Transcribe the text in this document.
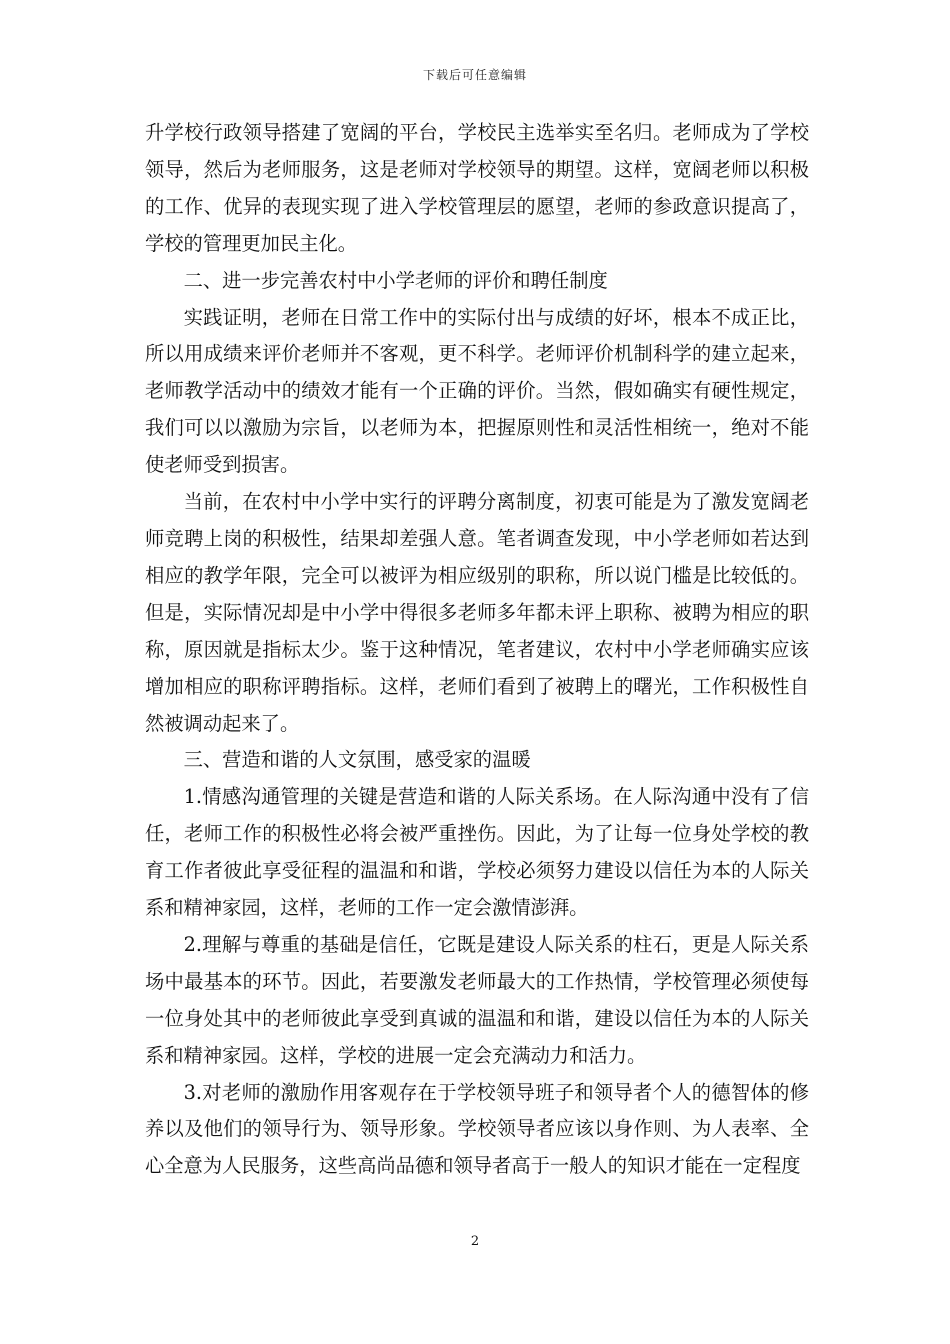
下载后可任意编辑

升学校行政领导搭建了宽阔的平台，学校民主选举实至名归。老师成为了学校领导，然后为老师服务，这是老师对学校领导的期望。这样，宽阔老师以积极的工作、优异的表现实现了进入学校管理层的愿望，老师的参政意识提高了，学校的管理更加民主化。

二、进一步完善农村中小学老师的评价和聘任制度

实践证明，老师在日常工作中的实际付出与成绩的好坏，根本不成正比，所以用成绩来评价老师并不客观，更不科学。老师评价机制科学的建立起来，老师教学活动中的绩效才能有一个正确的评价。当然，假如确实有硬性规定，我们可以以激励为宗旨，以老师为本，把握原则性和灵活性相统一，绝对不能使老师受到损害。

当前，在农村中小学中实行的评聘分离制度，初衷可能是为了激发宽阔老师竞聘上岗的积极性，结果却差强人意。笔者调查发现，中小学老师如若达到相应的教学年限，完全可以被评为相应级别的职称，所以说门槛是比较低的。但是，实际情况却是中小学中得很多老师多年都未评上职称、被聘为相应的职称，原因就是指标太少。鉴于这种情况，笔者建议，农村中小学老师确实应该增加相应的职称评聘指标。这样，老师们看到了被聘上的曙光，工作积极性自然被调动起来了。

三、营造和谐的人文氛围，感受家的温暖

1.情感沟通管理的关键是营造和谐的人际关系场。在人际沟通中没有了信任，老师工作的积极性必将会被严重挫伤。因此，为了让每一位身处学校的教育工作者彼此享受征程的温温和和谐，学校必须努力建设以信任为本的人际关系和精神家园，这样，老师的工作一定会激情澎湃。

2.理解与尊重的基础是信任，它既是建设人际关系的柱石，更是人际关系场中最基本的环节。因此，若要激发老师最大的工作热情，学校管理必须使每一位身处其中的老师彼此享受到真诚的温温和和谐，建设以信任为本的人际关系和精神家园。这样，学校的进展一定会充满动力和活力。

3.对老师的激励作用客观存在于学校领导班子和领导者个人的德智体的修养以及他们的领导行为、领导形象。学校领导者应该以身作则、为人表率、全心全意为人民服务，这些高尚品德和领导者高于一般人的知识才能在一定程度

2
